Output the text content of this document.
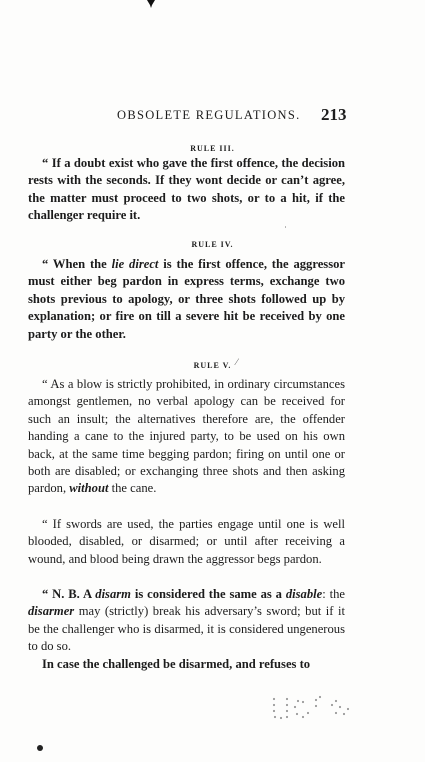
OBSOLETE REGULATIONS. 213
RULE III.

“ If a doubt exist who gave the first offence, the decision rests with the seconds. If they wont decide or can’t agree, the matter must proceed to two shots, or to a hit, if the challenger require it.

˙
RULE IV.

“ When the lie direct is the first offence, the aggressor must either beg pardon in express terms, exchange two shots previous to apology, or three shots followed up by explanation; or fire on till a severe hit be received by one party or the other.

RULE V. ⁄

“ As a blow is strictly prohibited, in ordinary circumstances amongst gentlemen, no verbal apology can be received for such an insult; the alternatives therefore are, the offender handing a cane to the injured party, to be used on his own back, at the same time begging pardon; firing on until one or both are disabled; or exchanging three shots and then asking pardon, without the cane.

“ If swords are used, the parties engage until one is well blooded, disabled, or disarmed; or until after receiving a wound, and blood being drawn the aggressor begs pardon.

“ N. B. A disarm is considered the same as a disable: the disarmer may (strictly) break his adversary’s sword; but if it be the challenger who is disarmed, it is considered ungenerous to do so.

In case the challenged be disarmed, and refuses to
